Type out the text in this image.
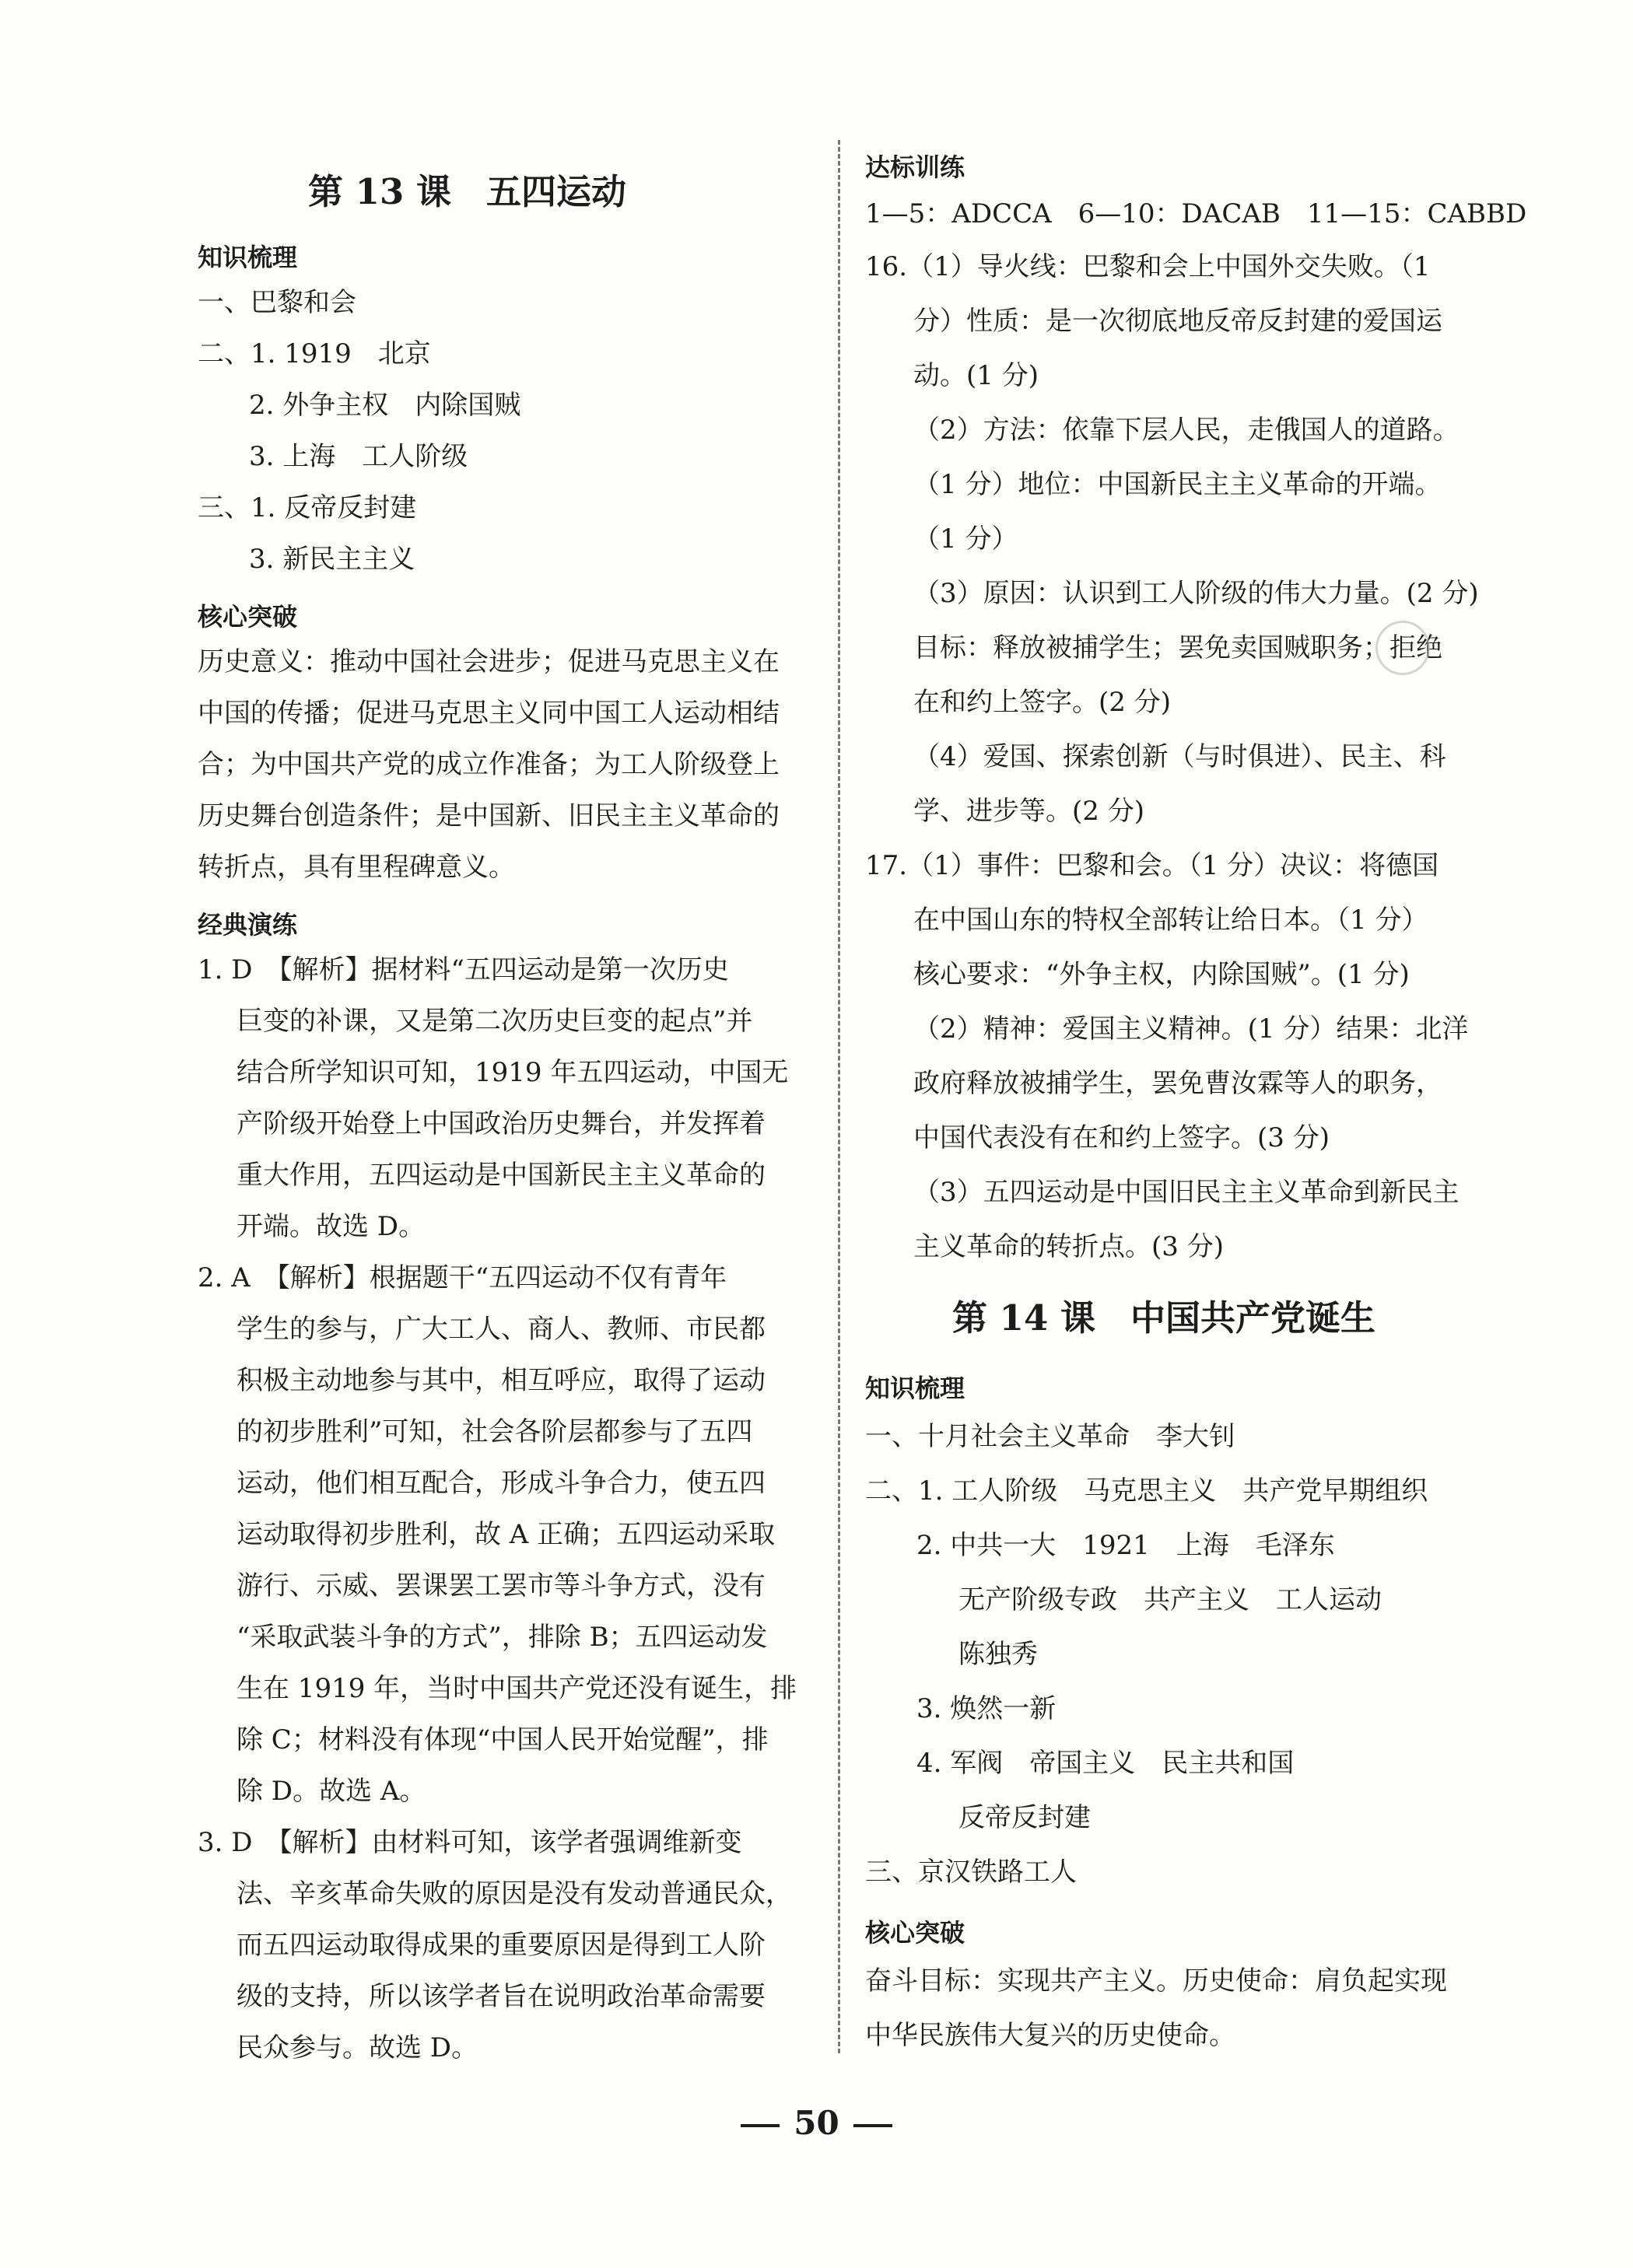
第 13 课　五四运动
知识梳理
一、巴黎和会
二、1. 1919　北京
2. 外争主权　内除国贼
3. 上海　工人阶级
三、1. 反帝反封建
3. 新民主主义
核心突破
历史意义：推动中国社会进步；促进马克思主义在
中国的传播；促进马克思主义同中国工人运动相结
合；为中国共产党的成立作准备；为工人阶级登上
历史舞台创造条件；是中国新、旧民主主义革命的
转折点，具有里程碑意义。
经典演练
1. D　【解析】据材料“五四运动是第一次历史
巨变的补课，又是第二次历史巨变的起点”并
结合所学知识可知，1919 年五四运动，中国无
产阶级开始登上中国政治历史舞台，并发挥着
重大作用，五四运动是中国新民主主义革命的
开端。故选 D。
2. A　【解析】根据题干“五四运动不仅有青年
学生的参与，广大工人、商人、教师、市民都
积极主动地参与其中，相互呼应，取得了运动
的初步胜利”可知，社会各阶层都参与了五四
运动，他们相互配合，形成斗争合力，使五四
运动取得初步胜利，故 A 正确；五四运动采取
游行、示威、罢课罢工罢市等斗争方式，没有
“采取武装斗争的方式”，排除 B；五四运动发
生在 1919 年，当时中国共产党还没有诞生，排
除 C；材料没有体现“中国人民开始觉醒”，排
除 D。故选 A。
3. D　【解析】由材料可知，该学者强调维新变
法、辛亥革命失败的原因是没有发动普通民众，
而五四运动取得成果的重要原因是得到工人阶
级的支持，所以该学者旨在说明政治革命需要
民众参与。故选 D。
达标训练
1—5：ADCCA　6—10：DACAB　11—15：CABBD
16.（1）导火线：巴黎和会上中国外交失败。（1
分）性质：是一次彻底地反帝反封建的爱国运
动。(1 分)
（2）方法：依靠下层人民，走俄国人的道路。
（1 分）地位：中国新民主主义革命的开端。
（1 分）
（3）原因：认识到工人阶级的伟大力量。(2 分)
目标：释放被捕学生；罢免卖国贼职务；拒绝
在和约上签字。(2 分)
（4）爱国、探索创新（与时俱进）、民主、科
学、进步等。(2 分)
17.（1）事件：巴黎和会。（1 分）决议：将德国
在中国山东的特权全部转让给日本。（1 分）
核心要求：“外争主权，内除国贼”。(1 分)
（2）精神：爱国主义精神。(1 分）结果：北洋
政府释放被捕学生，罢免曹汝霖等人的职务，
中国代表没有在和约上签字。(3 分)
（3）五四运动是中国旧民主主义革命到新民主
主义革命的转折点。(3 分)
第 14 课　中国共产党诞生
知识梳理
一、十月社会主义革命　李大钊
二、1. 工人阶级　马克思主义　共产党早期组织
2. 中共一大　1921　上海　毛泽东
无产阶级专政　共产主义　工人运动
陈独秀
3. 焕然一新
4. 军阀　帝国主义　民主共和国
反帝反封建
三、京汉铁路工人
核心突破
奋斗目标：实现共产主义。历史使命：肩负起实现
中华民族伟大复兴的历史使命。
50
